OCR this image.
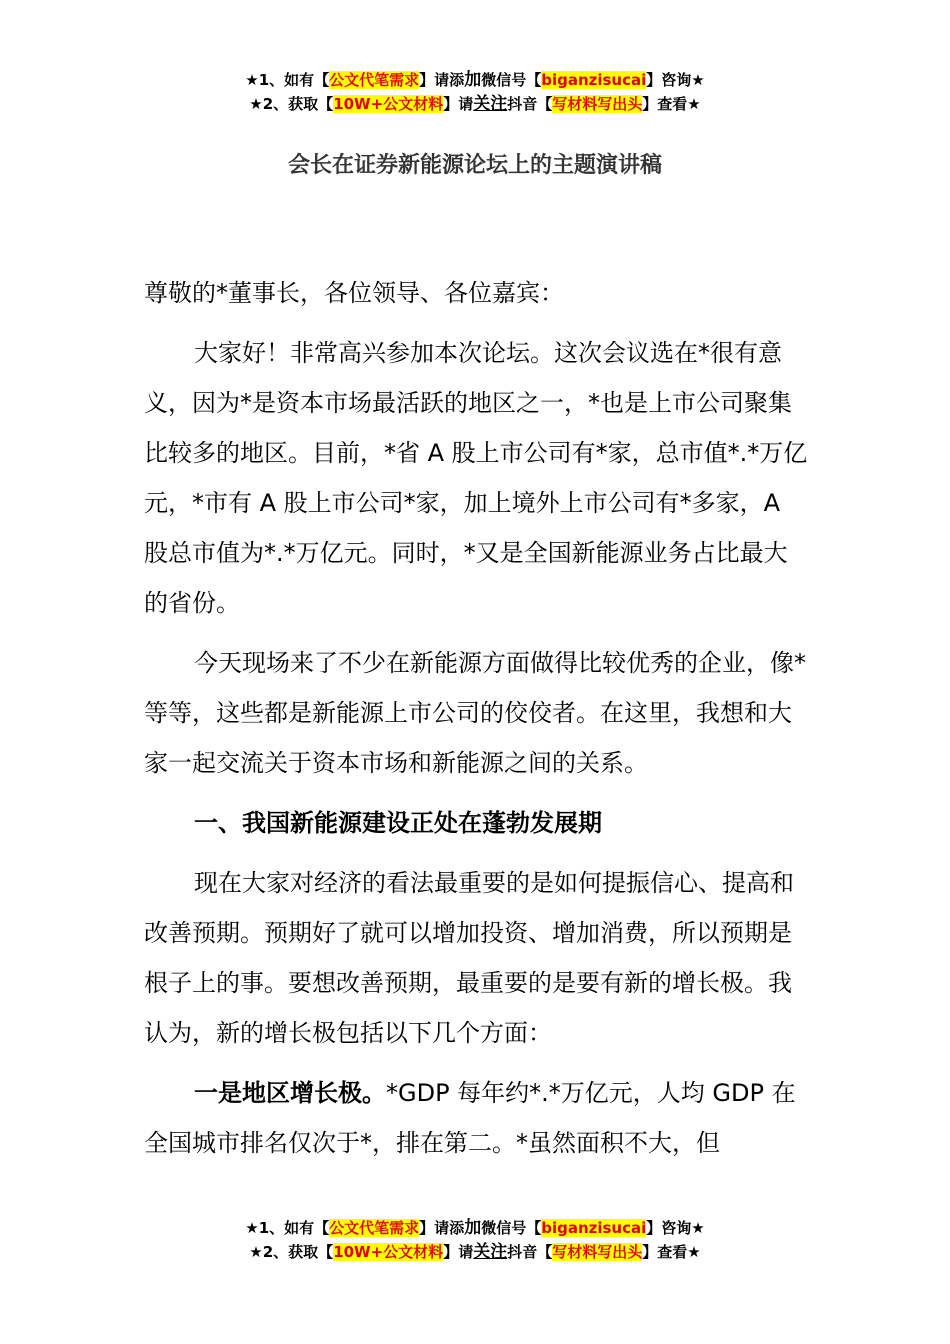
★1、如有【公文代笔需求】请添加微信号【biganzisucai】咨询★
★2、获取【10W+公文材料】请关注抖音【写材料写出头】查看★
会长在证券新能源论坛上的主题演讲稿

尊敬的*董事长，各位领导、各位嘉宾：

大家好！非常高兴参加本次论坛。这次会议选在*很有意义，因为*是资本市场最活跃的地区之一，*也是上市公司聚集比较多的地区。目前，*省 A 股上市公司有*家，总市值*.*万亿元，*市有 A 股上市公司*家，加上境外上市公司有*多家，A 股总市值为*.*万亿元。同时，*又是全国新能源业务占比最大的省份。

今天现场来了不少在新能源方面做得比较优秀的企业，像*等等，这些都是新能源上市公司的佼佼者。在这里，我想和大家一起交流关于资本市场和新能源之间的关系。

一、我国新能源建设正处在蓬勃发展期

现在大家对经济的看法最重要的是如何提振信心、提高和改善预期。预期好了就可以增加投资、增加消费，所以预期是根子上的事。要想改善预期，最重要的是要有新的增长极。我认为，新的增长极包括以下几个方面：

一是地区增长极。*GDP 每年约*.*万亿元，人均 GDP 在全国城市排名仅次于*，排在第二。*虽然面积不大，但

★1、如有【公文代笔需求】请添加微信号【biganzisucai】咨询★
★2、获取【10W+公文材料】请关注抖音【写材料写出头】查看★
